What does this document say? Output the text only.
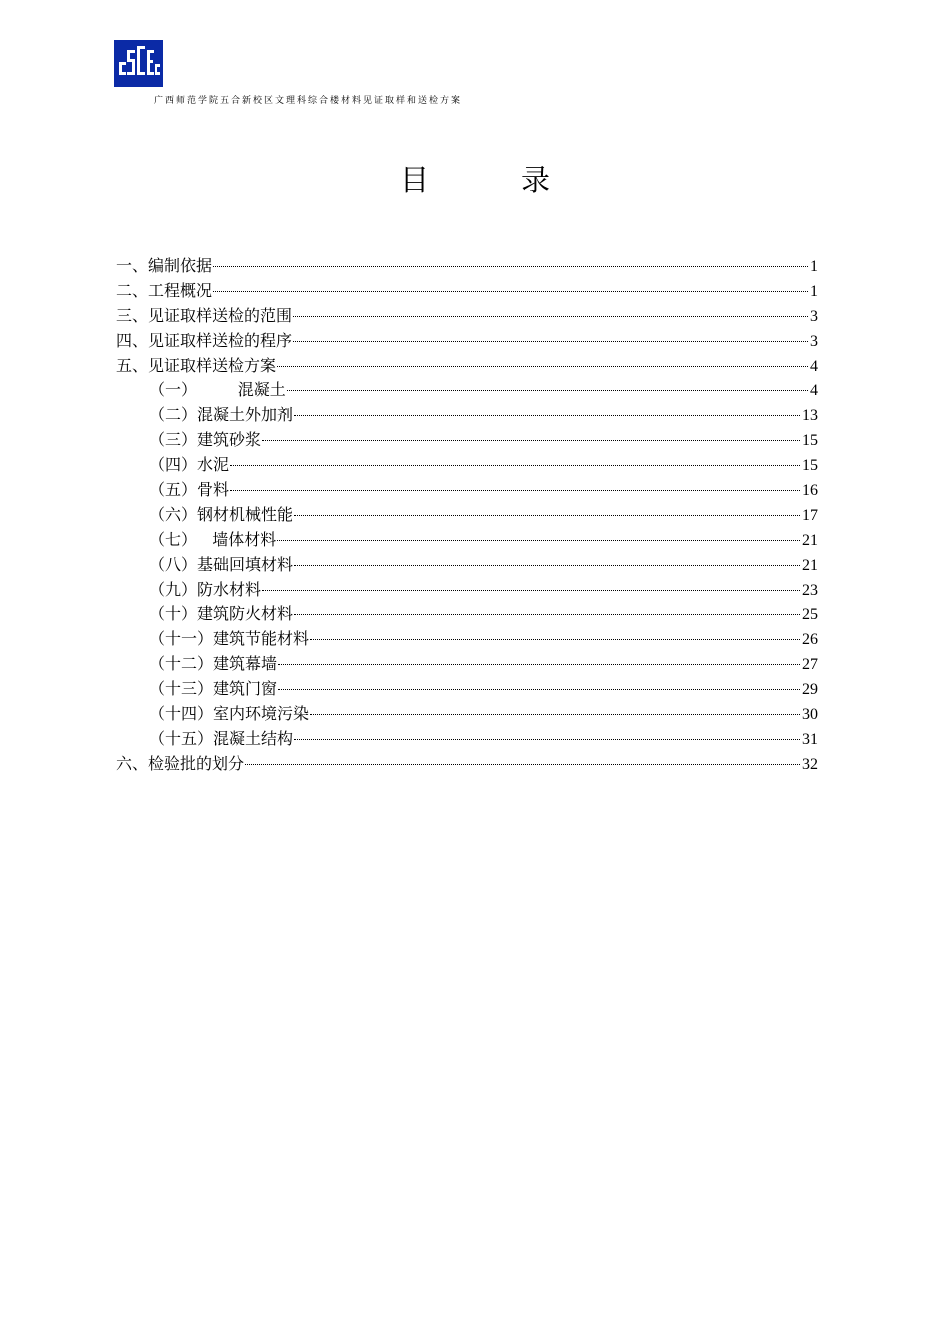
广西师范学院五合新校区文理科综合楼材料见证取样和送检方案
目录
一、编制依据	1
二、工程概况	1
三、见证取样送检的范围	3
四、见证取样送检的程序	3
五、见证取样送检方案	4
（一）        混凝土	4
（二）混凝土外加剂	13
（三）建筑砂浆	15
（四）水泥	15
（五）骨料	16
（六）钢材机械性能	17
（七）   墙体材料	21
（八）基础回填材料	21
（九）防水材料	23
（十）建筑防火材料	25
（十一）建筑节能材料	26
（十二）建筑幕墙	27
（十三）建筑门窗	29
（十四）室内环境污染	30
（十五）混凝土结构	31
六、检验批的划分	32
